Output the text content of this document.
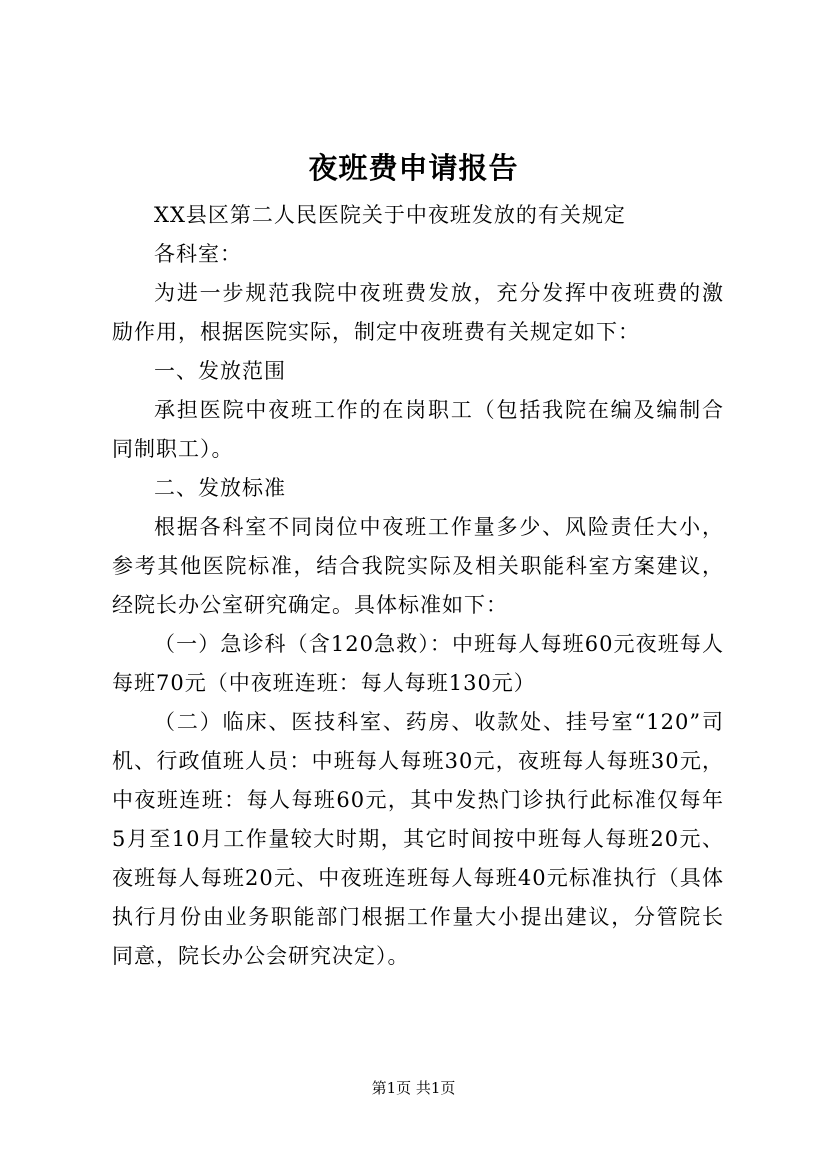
夜班费申请报告

XX县区第二人民医院关于中夜班发放的有关规定

各科室：

为进一步规范我院中夜班费发放，充分发挥中夜班费的激励作用，根据医院实际，制定中夜班费有关规定如下：

一、发放范围

承担医院中夜班工作的在岗职工（包括我院在编及编制合同制职工）。

二、发放标准

根据各科室不同岗位中夜班工作量多少、风险责任大小，参考其他医院标准，结合我院实际及相关职能科室方案建议，经院长办公室研究确定。具体标准如下：

（一）急诊科（含120急救）：中班每人每班60元夜班每人每班70元（中夜班连班：每人每班130元）

（二）临床、医技科室、药房、收款处、挂号室“120”司机、行政值班人员：中班每人每班30元，夜班每人每班30元，中夜班连班：每人每班60元，其中发热门诊执行此标准仅每年5月至10月工作量较大时期，其它时间按中班每人每班20元、夜班每人每班20元、中夜班连班每人每班40元标准执行（具体执行月份由业务职能部门根据工作量大小提出建议，分管院长同意，院长办公会研究决定）。

第1页 共1页
